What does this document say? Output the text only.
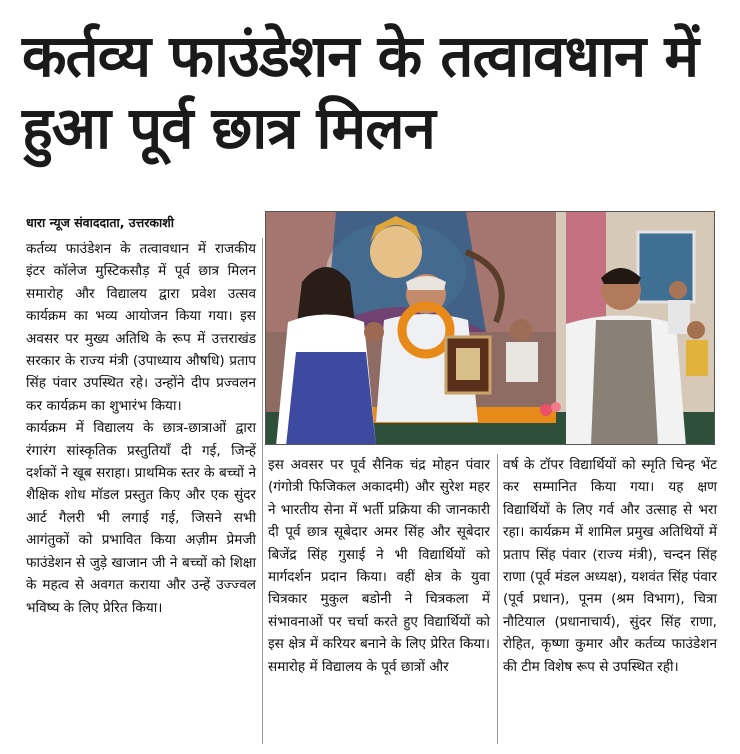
कर्तव्य फाउंडेशन के तत्वावधान में हुआ पूर्व छात्र मिलन
धारा न्यूज संवाददाता, उत्तरकाशी

कर्तव्य फाउंडेशन के तत्वावधान में राजकीय इंटर कॉलेज मुस्टिकसौड़ में पूर्व छात्र मिलन समारोह और विद्यालय द्वारा प्रवेश उत्सव कार्यक्रम का भव्य आयोजन किया गया। इस अवसर पर मुख्य अतिथि के रूप में उत्तराखंड सरकार के राज्य मंत्री (उपाध्याय औषधि) प्रताप सिंह पंवार उपस्थित रहे। उन्होंने दीप प्रज्वलन कर कार्यक्रम का शुभारंभ किया।
कार्यक्रम में विद्यालय के छात्र-छात्राओं द्वारा रंगारंग सांस्कृतिक प्रस्तुतियाँ दी गई, जिन्हें दर्शकों ने खूब सराहा। प्राथमिक स्तर के बच्चों ने शैक्षिक शोध मॉडल प्रस्तुत किए और एक सुंदर आर्ट गैलरी भी लगाई गई, जिसने सभी आगंतुकों को प्रभावित किया अज़ीम प्रेमजी फाउंडेशन से जुड़े खाजान जी ने बच्चों को शिक्षा के महत्व से अवगत कराया और उन्हें उज्ज्वल भविष्य के लिए प्रेरित किया।

इस अवसर पर पूर्व सैनिक चंद्र मोहन पंवार (गंगोत्री फिजिकल अकादमी) और सुरेश महर ने भारतीय सेना में भर्ती प्रक्रिया की जानकारी दी पूर्व छात्र सूबेदार अमर सिंह और सूबेदार बिजेंद्र सिंह गुसाई ने भी विद्यार्थियों को मार्गदर्शन प्रदान किया। वहीं क्षेत्र के युवा चित्रकार मुकुल बडोनी ने चित्रकला में संभावनाओं पर चर्चा करते हुए विद्यार्थियों को इस क्षेत्र में करियर बनाने के लिए प्रेरित किया। समारोह में विद्यालय के पूर्व छात्रों और

वर्ष के टॉपर विद्यार्थियों को स्मृति चिन्ह भेंट कर सम्मानित किया गया। यह क्षण विद्यार्थियों के लिए गर्व और उत्साह से भरा रहा। कार्यक्रम में शामिल प्रमुख अतिथियों में प्रताप सिंह पंवार (राज्य मंत्री), चन्दन सिंह राणा (पूर्व मंडल अध्यक्ष), यशवंत सिंह पंवार (पूर्व प्रधान), पूनम (श्रम विभाग), चित्रा नौटियाल (प्रधानाचार्य), सुंदर सिंह राणा, रोहित, कृष्णा कुमार और कर्तव्य फाउंडेशन की टीम विशेष रूप से उपस्थित रही।
